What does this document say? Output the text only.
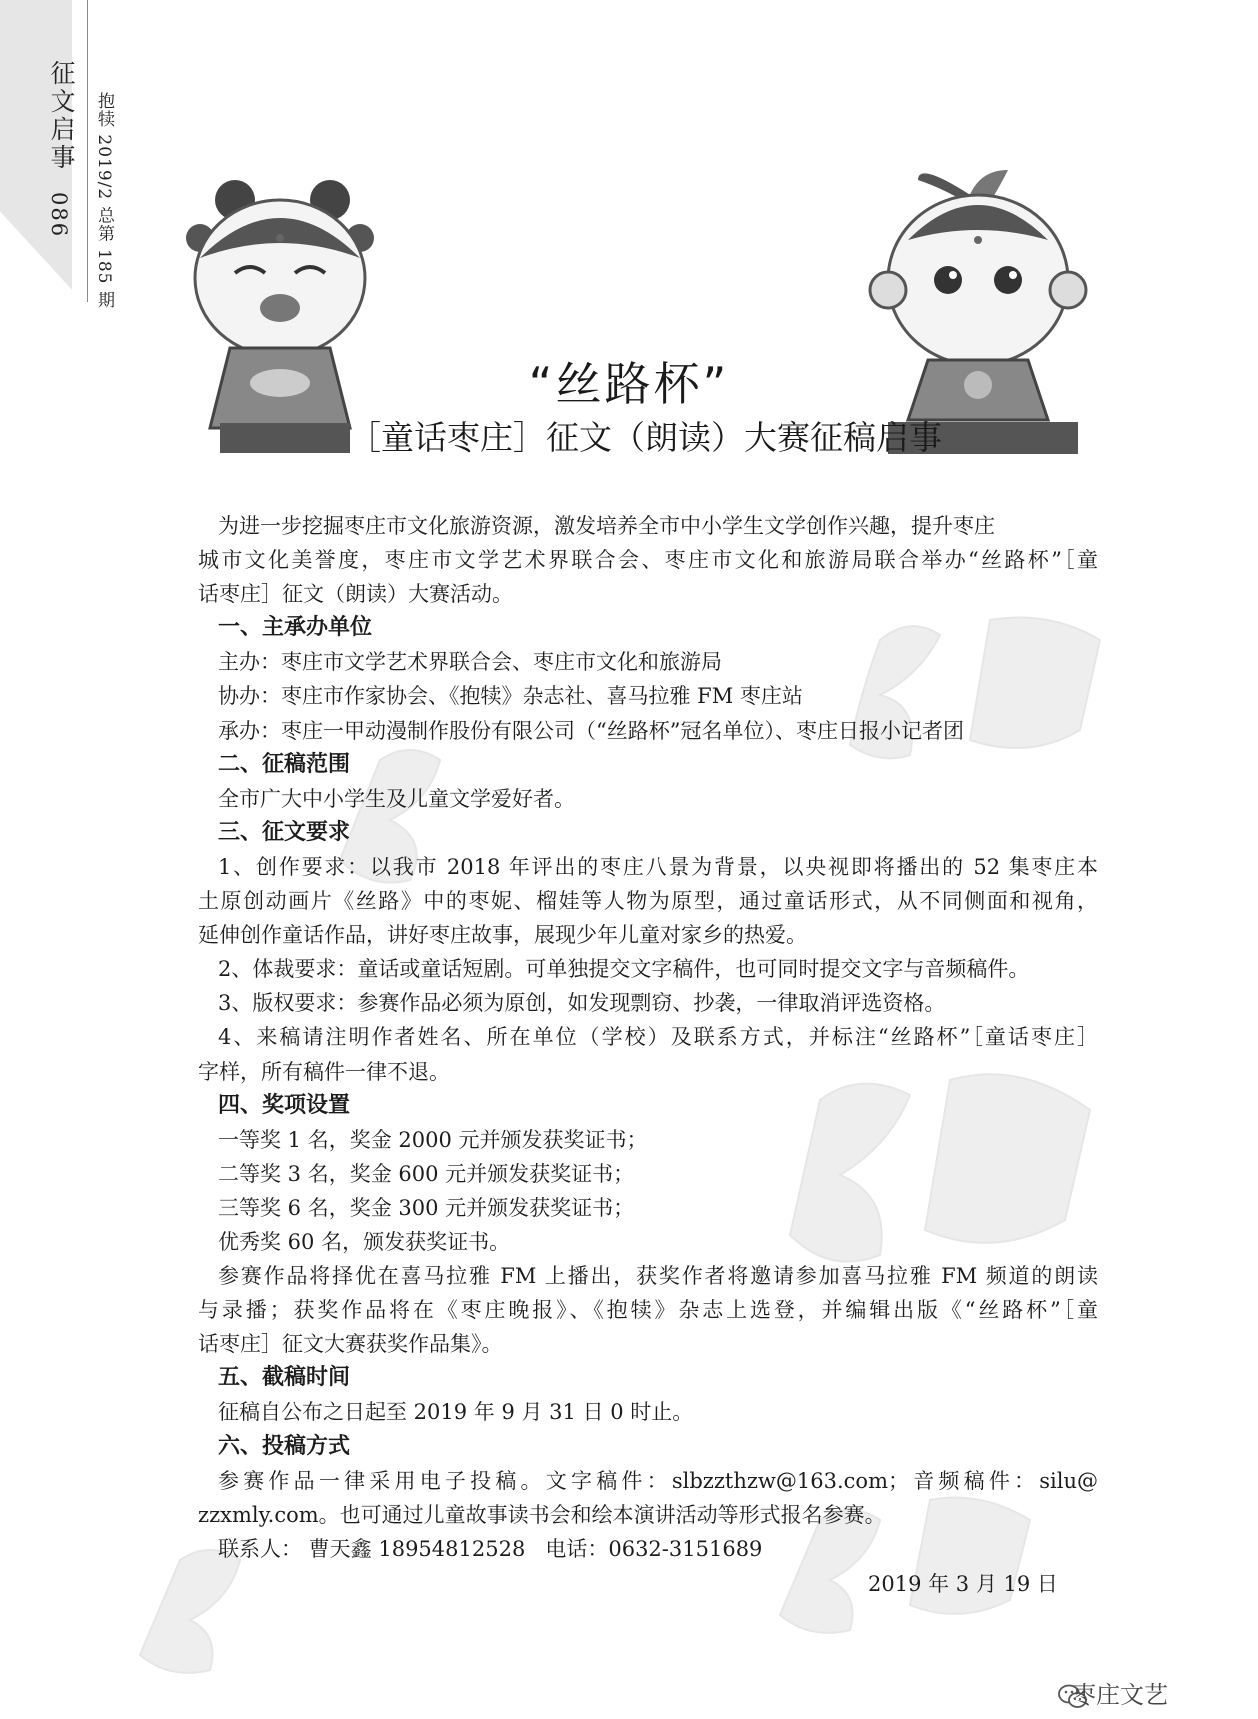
征文启事
086 抱犊 2019/2 总第 185 期
“丝路杯”
［童话枣庄］征文（朗读）大赛征稿启事
为进一步挖掘枣庄市文化旅游资源，激发培养全市中小学生文学创作兴趣，提升枣庄
城市文化美誉度，枣庄市文学艺术界联合会、枣庄市文化和旅游局联合举办“丝路杯”［童
话枣庄］征文（朗读）大赛活动。
一、主承办单位
主办：枣庄市文学艺术界联合会、枣庄市文化和旅游局
协办：枣庄市作家协会、《抱犊》杂志社、喜马拉雅 FM 枣庄站
承办：枣庄一甲动漫制作股份有限公司（“丝路杯”冠名单位）、枣庄日报小记者团
二、征稿范围
全市广大中小学生及儿童文学爱好者。
三、征文要求
1、创作要求：以我市 2018 年评出的枣庄八景为背景，以央视即将播出的 52 集枣庄本
土原创动画片《丝路》中的枣妮、榴娃等人物为原型，通过童话形式，从不同侧面和视角，
延伸创作童话作品，讲好枣庄故事，展现少年儿童对家乡的热爱。
2、体裁要求：童话或童话短剧。可单独提交文字稿件，也可同时提交文字与音频稿件。
3、版权要求：参赛作品必须为原创，如发现剽窃、抄袭，一律取消评选资格。
4、来稿请注明作者姓名、所在单位（学校）及联系方式，并标注“丝路杯”［童话枣庄］
字样，所有稿件一律不退。
四、奖项设置
一等奖 1 名，奖金 2000 元并颁发获奖证书；
二等奖 3 名，奖金 600 元并颁发获奖证书；
三等奖 6 名，奖金 300 元并颁发获奖证书；
优秀奖 60 名，颁发获奖证书。
参赛作品将择优在喜马拉雅 FM 上播出，获奖作者将邀请参加喜马拉雅 FM 频道的朗读
与录播；获奖作品将在《枣庄晚报》、《抱犊》杂志上选登，并编辑出版《“丝路杯”［童
话枣庄］征文大赛获奖作品集》。
五、截稿时间
征稿自公布之日起至 2019 年 9 月 31 日 0 时止。
六、投稿方式
参赛作品一律采用电子投稿。文字稿件：slbzzthzw@163.com；音频稿件：silu@
zzxmly.com。也可通过儿童故事读书会和绘本演讲活动等形式报名参赛。
联系人： 曹天鑫 18954812528   电话：0632-3151689
2019 年 3 月 19 日
枣庄文艺
